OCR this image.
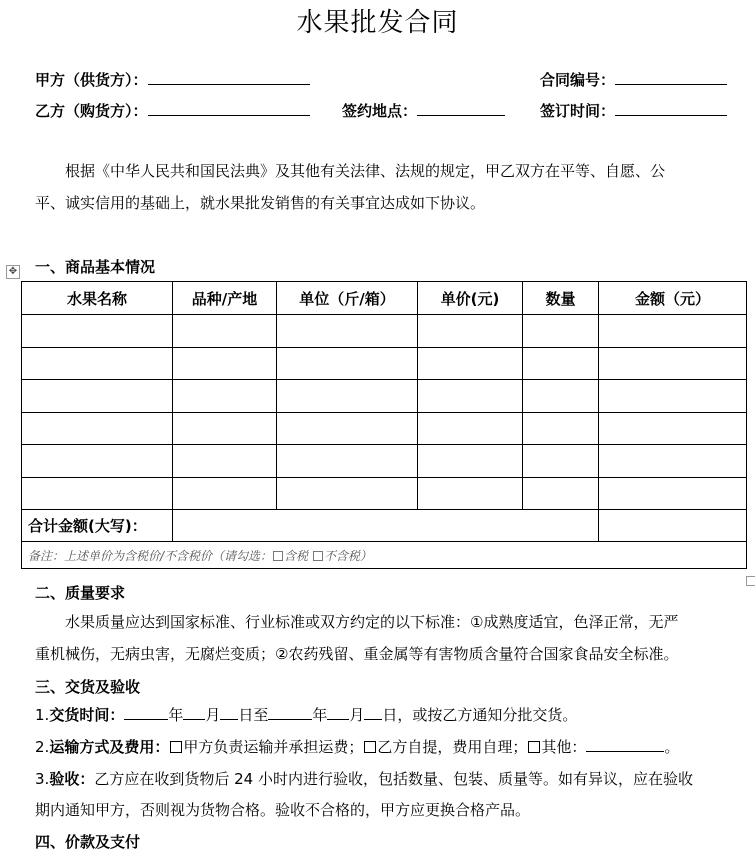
水果批发合同
甲方（供货方）：	合同编号：
乙方（购货方）：	签约地点：	签订时间：
根据《中华人民共和国民法典》及其他有关法律、法规的规定，甲乙双方在平等、自愿、公
平、诚实信用的基础上，就水果批发销售的有关事宜达成如下协议。
✥ 一、商品基本情况
水果名称	品种/产地	单位（斤/箱）	单价(元)	数量	金额（元）

合计金额(大写)：					
备注：上述单价为含税价/不含税价（请勾选： 含税 不含税）					
二、质量要求
水果质量应达到国家标准、行业标准或双方约定的以下标准：①成熟度适宜，色泽正常，无严
重机械伤，无病虫害，无腐烂变质；②农药残留、重金属等有害物质含量符合国家食品安全标准。
三、交货及验收
1.交货时间：	年 月 日至	年 月 日，或按乙方通知分批交货。
2.运输方式及费用： 甲方负责运输并承担运费； 乙方自提，费用自理； 其他：	。
3.验收：乙方应在收到货物后 24 小时内进行验收，包括数量、包装、质量等。如有异议，应在验收
期内通知甲方，否则视为货物合格。验收不合格的，甲方应更换合格产品。
四、价款及支付
